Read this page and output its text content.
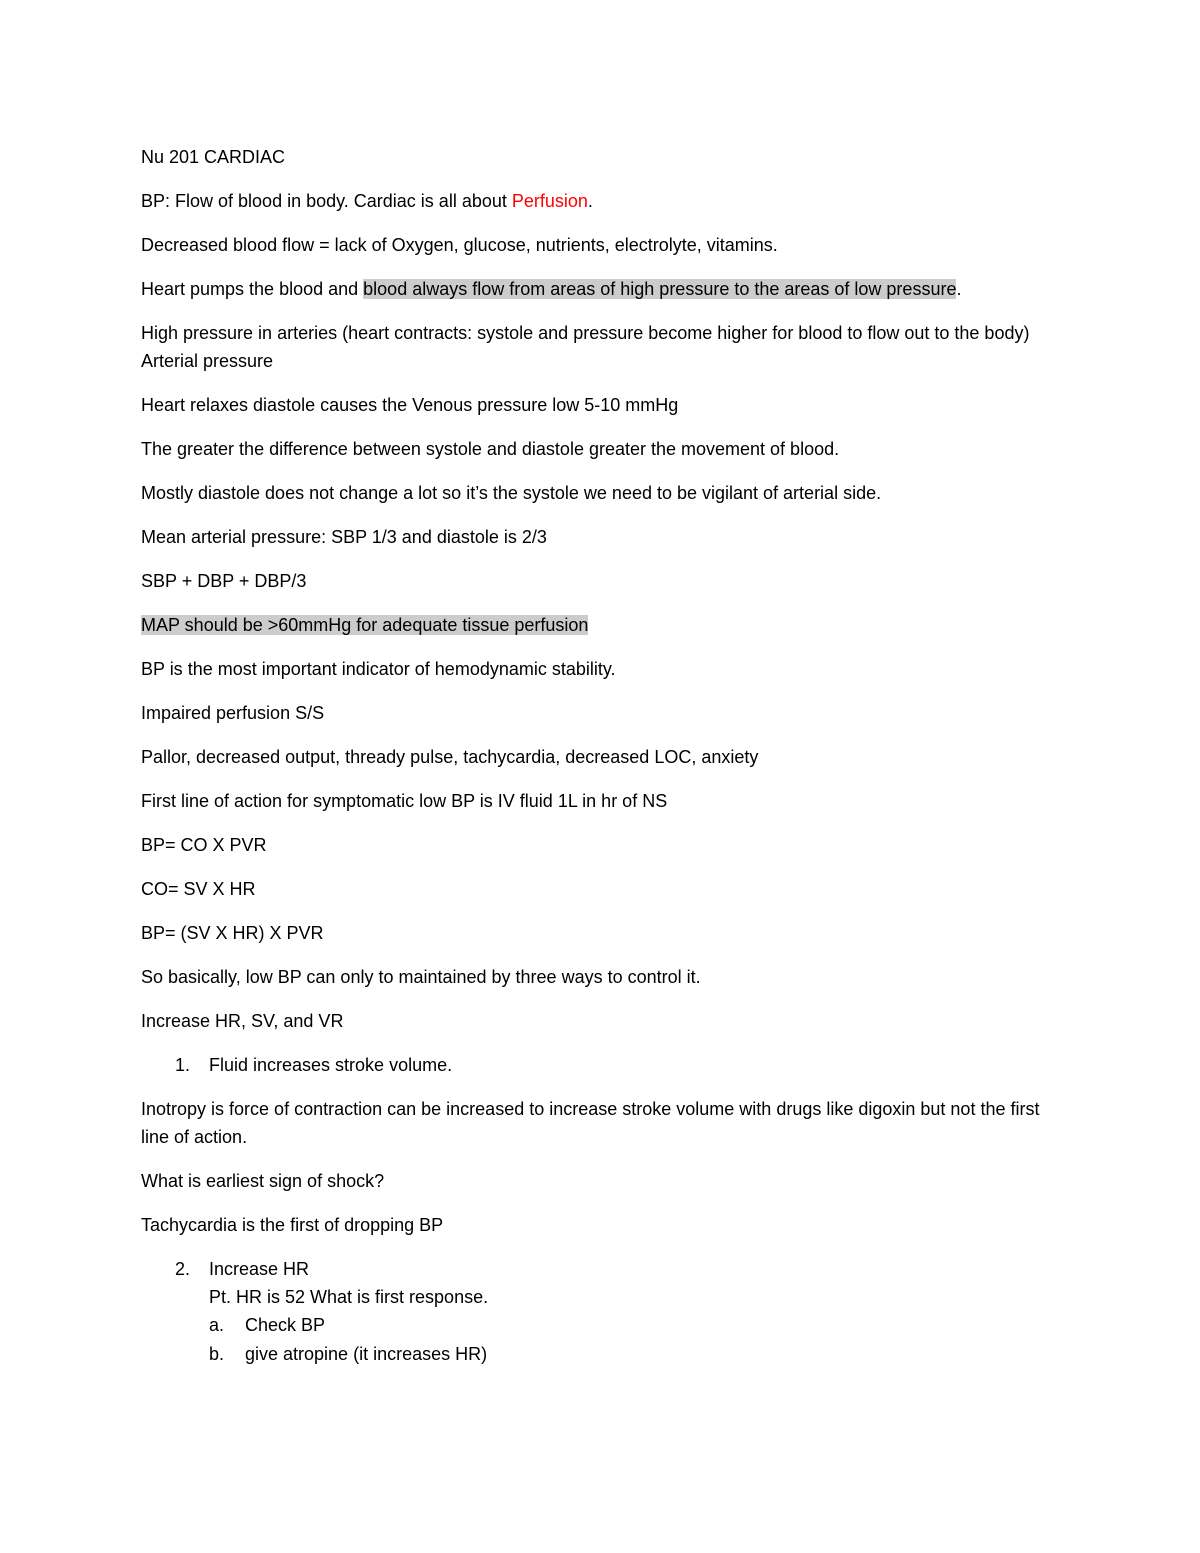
Nu 201 CARDIAC

BP: Flow of blood in body. Cardiac is all about Perfusion.

Decreased blood flow = lack of Oxygen, glucose, nutrients, electrolyte, vitamins.

Heart pumps the blood and blood always flow from areas of high pressure to the areas of low pressure.

High pressure in arteries (heart contracts: systole and pressure become higher for blood to flow out to the body) Arterial pressure

Heart relaxes diastole causes the Venous pressure low 5-10 mmHg

The greater the difference between systole and diastole greater the movement of blood.

Mostly diastole does not change a lot so it’s the systole we need to be vigilant of arterial side.

Mean arterial pressure: SBP 1/3 and diastole is 2/3

SBP + DBP + DBP/3

MAP should be >60mmHg for adequate tissue perfusion

BP is the most important indicator of hemodynamic stability.

Impaired perfusion S/S

Pallor, decreased output, thready pulse, tachycardia, decreased LOC, anxiety

First line of action for symptomatic low BP is IV fluid 1L in hr of NS

BP= CO X PVR

CO= SV X HR

BP= (SV X HR) X PVR

So basically, low BP can only to maintained by three ways to control it.

Increase HR, SV, and VR

1.	Fluid increases stroke volume.

Inotropy is force of contraction can be increased to increase stroke volume with drugs like digoxin but not the first line of action.

What is earliest sign of shock?

Tachycardia is the first of dropping BP

2.	Increase HR
Pt. HR is 52 What is first response.
a.	Check BP
b.	give atropine (it increases HR)
